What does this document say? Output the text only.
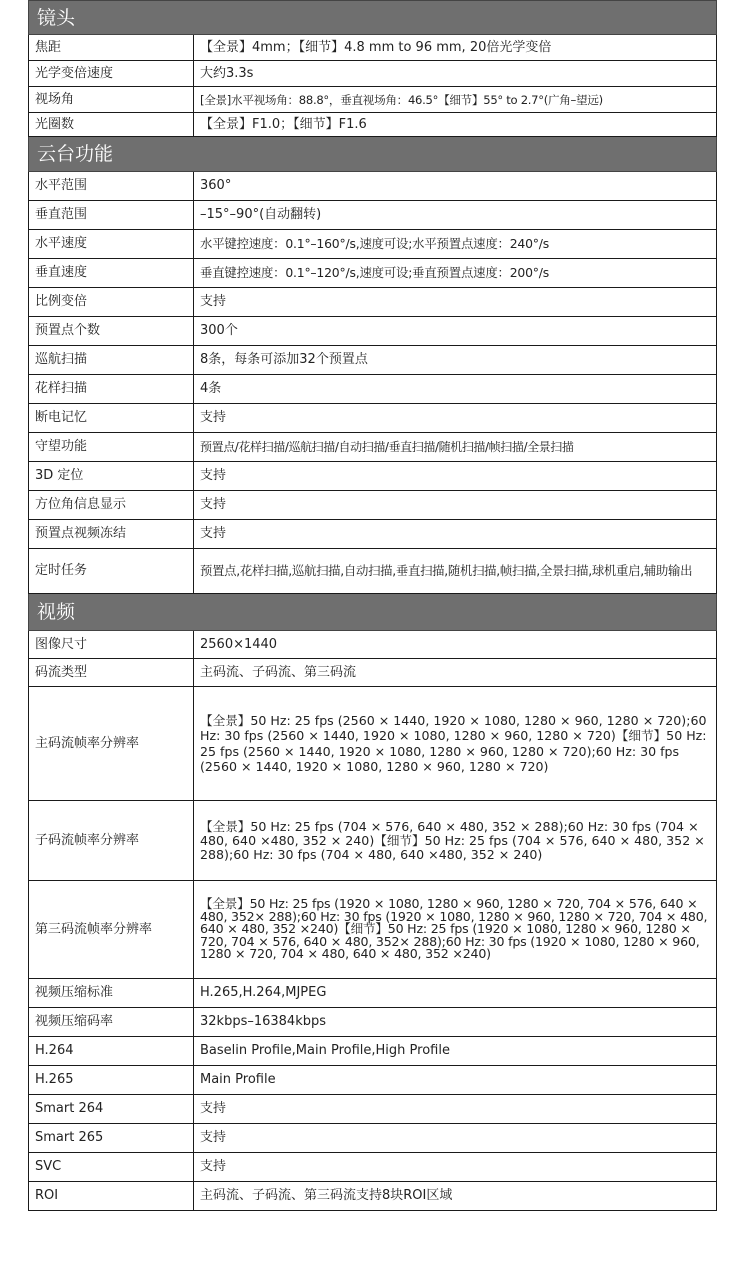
镜头	
焦距	【全景】4mm；【细节】4.8 mm to 96 mm, 20倍光学变倍
光学变倍速度	大约3.3s
视场角	[全景]水平视场角：88.8°，垂直视场角：46.5°【细节】55° to 2.7°(广角–望远)
光圈数	【全景】F1.0；【细节】F1.6
云台功能	
水平范围	360°
垂直范围	–15°–90°(自动翻转)
水平速度	水平键控速度：0.1°–160°/s,速度可设;水平预置点速度：240°/s
垂直速度	垂直键控速度：0.1°–120°/s,速度可设;垂直预置点速度：200°/s
比例变倍	支持
预置点个数	300个
巡航扫描	8条，每条可添加32个预置点
花样扫描	4条
断电记忆	支持
守望功能	预置点/花样扫描/巡航扫描/自动扫描/垂直扫描/随机扫描/帧扫描/全景扫描
3D 定位	支持
方位角信息显示	支持
预置点视频冻结	支持
定时任务	预置点,花样扫描,巡航扫描,自动扫描,垂直扫描,随机扫描,帧扫描,全景扫描,球机重启,辅助输出
视频	
图像尺寸	2560×1440
码流类型	主码流、子码流、第三码流
主码流帧率分辨率	【全景】50 Hz: 25 fps (2560 × 1440, 1920 × 1080, 1280 × 960, 1280 × 720);60 Hz: 30 fps (2560 × 1440, 1920 × 1080, 1280 × 960, 1280 × 720)【细节】50 Hz: 25 fps (2560 × 1440, 1920 × 1080, 1280 × 960, 1280 × 720);60 Hz: 30 fps (2560 × 1440, 1920 × 1080, 1280 × 960, 1280 × 720)
子码流帧率分辨率	【全景】50 Hz: 25 fps (704 × 576, 640 × 480, 352 × 288);60 Hz: 30 fps (704 × 480, 640 ×480, 352 × 240)【细节】50 Hz: 25 fps (704 × 576, 640 × 480, 352 × 288);60 Hz: 30 fps (704 × 480, 640 ×480, 352 × 240)
第三码流帧率分辨率	【全景】50 Hz: 25 fps (1920 × 1080, 1280 × 960, 1280 × 720, 704 × 576, 640 × 480, 352× 288);60 Hz: 30 fps (1920 × 1080, 1280 × 960, 1280 × 720, 704 × 480, 640 × 480, 352 ×240)【细节】50 Hz: 25 fps (1920 × 1080, 1280 × 960, 1280 × 720, 704 × 576, 640 × 480, 352× 288);60 Hz: 30 fps (1920 × 1080, 1280 × 960, 1280 × 720, 704 × 480, 640 × 480, 352 ×240)
视频压缩标准	H.265,H.264,MJPEG
视频压缩码率	32kbps–16384kbps
H.264	Baselin Profile,Main Profile,High Profile
H.265	Main Profile
Smart 264	支持
Smart 265	支持
SVC	支持
ROI	主码流、子码流、第三码流支持8块ROI区域
